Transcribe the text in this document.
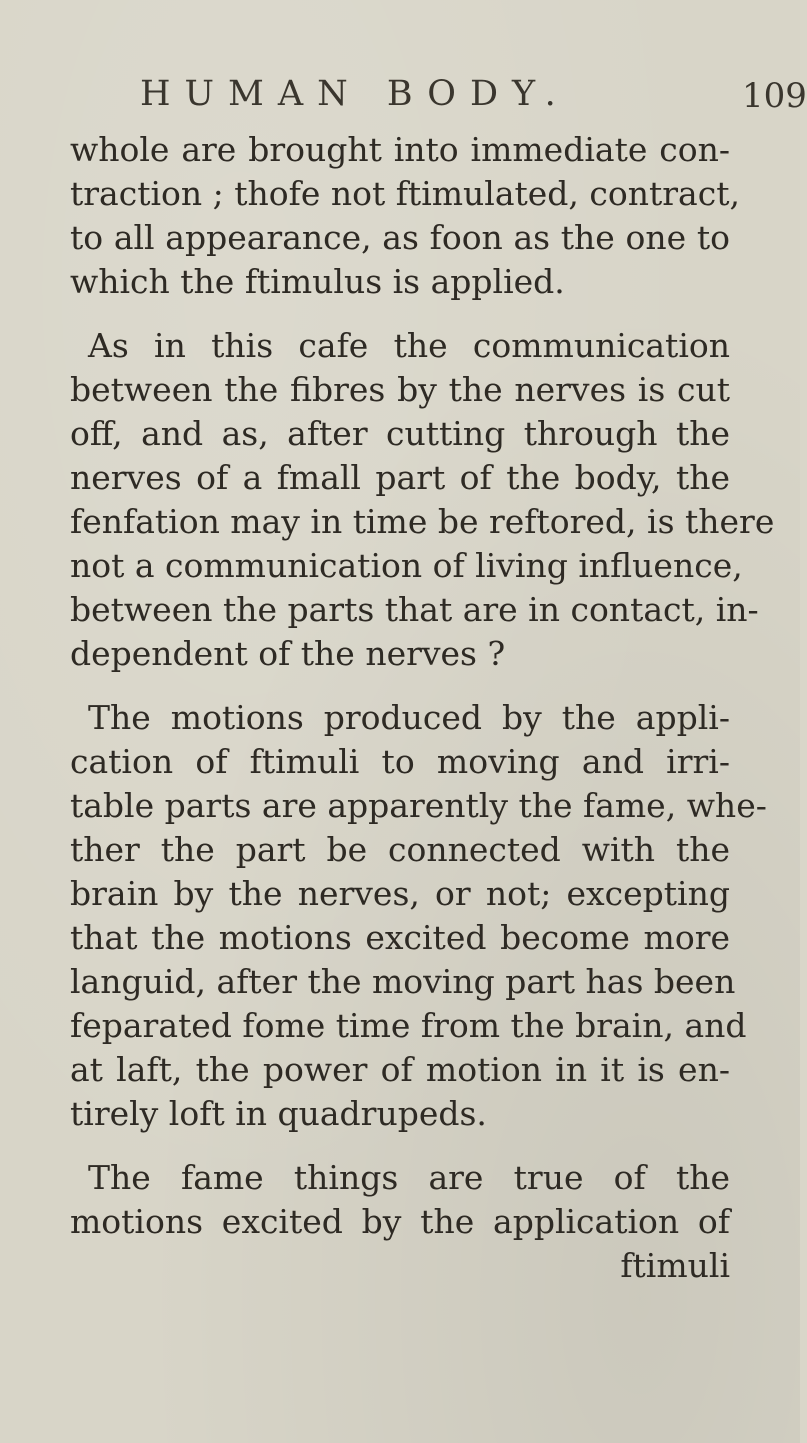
HUMAN BODY.	109
whole are brought into immediate con-
traction ; thofe not ftimulated, contract,
to all appearance, as foon as the one to
which the ftimulus is applied.
As in this cafe the communication
between the fibres by the nerves is cut
off, and as, after cutting through the
nerves of a fmall part of the body, the
fenfation may in time be reftored, is there
not a communication of living influence,
between the parts that are in contact, in-
dependent of the nerves ?
The motions produced by the appli-
cation of ftimuli to moving and irri-
table parts are apparently the fame, whe-
ther the part be connected with the
brain by the nerves, or not; excepting
that the motions excited become more
languid, after the moving part has been
feparated fome time from the brain, and
at laft, the power of motion in it is en-
tirely loft in quadrupeds.
The fame things are true of the
motions excited by the application of
ftimuli
